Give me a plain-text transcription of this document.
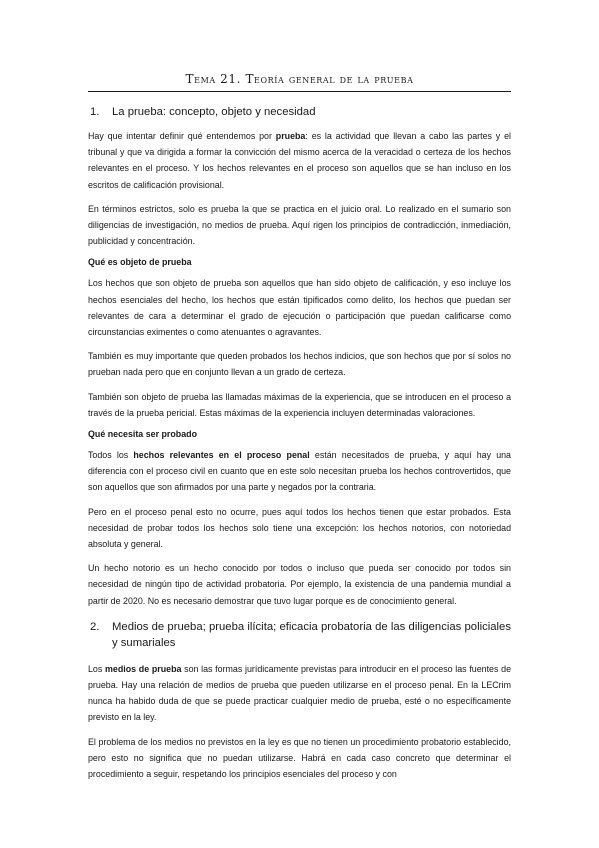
Tema 21. Teoría general de la prueba
1.	La prueba: concepto, objeto y necesidad

Hay que intentar definir qué entendemos por prueba: es la actividad que llevan a cabo las partes y el tribunal y que va dirigida a formar la convicción del mismo acerca de la veracidad o certeza de los hechos relevantes en el proceso. Y los hechos relevantes en el proceso son aquellos que se han incluso en los escritos de calificación provisional.

En términos estrictos, solo es prueba la que se practica en el juicio oral. Lo realizado en el sumario son diligencias de investigación, no medios de prueba. Aquí rigen los principios de contradicción, inmediación, publicidad y concentración.

Qué es objeto de prueba

Los hechos que son objeto de prueba son aquellos que han sido objeto de calificación, y eso incluye los hechos esenciales del hecho, los hechos que están tipificados como delito, los hechos que puedan ser relevantes de cara a determinar el grado de ejecución o participación que puedan calificarse como circunstancias eximentes o como atenuantes o agravantes.

También es muy importante que queden probados los hechos indicios, que son hechos que por sí solos no prueban nada pero que en conjunto llevan a un grado de certeza.

También son objeto de prueba las llamadas máximas de la experiencia, que se introducen en el proceso a través de la prueba pericial. Estas máximas de la experiencia incluyen determinadas valoraciones.

Qué necesita ser probado

Todos los hechos relevantes en el proceso penal están necesitados de prueba, y aquí hay una diferencia con el proceso civil en cuanto que en este solo necesitan prueba los hechos controvertidos, que son aquellos que son afirmados por una parte y negados por la contraria.

Pero en el proceso penal esto no ocurre, pues aquí todos los hechos tienen que estar probados. Esta necesidad de probar todos los hechos solo tiene una excepción: los hechos notorios, con notoriedad absoluta y general.

Un hecho notorio es un hecho conocido por todos o incluso que pueda ser conocido por todos sin necesidad de ningún tipo de actividad probatoria. Por ejemplo, la existencia de una pandemia mundial a partir de 2020. No es necesario demostrar que tuvo lugar porque es de conocimiento general.

2.	Medios de prueba; prueba ilícita; eficacia probatoria de las diligencias policiales y sumariales

Los medios de prueba son las formas jurídicamente previstas para introducir en el proceso las fuentes de prueba. Hay una relación de medios de prueba que pueden utilizarse en el proceso penal. En la LECrim nunca ha habido duda de que se puede practicar cualquier medio de prueba, esté o no específicamente previsto en la ley.

El problema de los medios no previstos en la ley es que no tienen un procedimiento probatorio establecido, pero esto no significa que no puedan utilizarse. Habrá en cada caso concreto que determinar el procedimiento a seguir, respetando los principios esenciales del proceso y con
